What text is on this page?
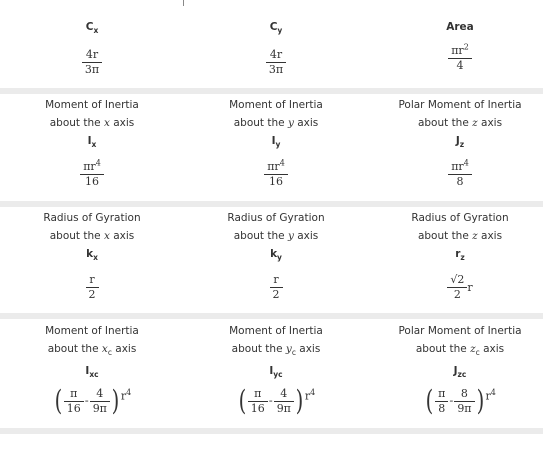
$C_x$
$\frac{4r}{3\pi}$
$C_y$
$\frac{4r}{3\pi}$
Area
$\frac{\pi r^2}{4}$
Moment of Inertia
about the x axis
$I_x$
$\frac{\pi r^4}{16}$
Moment of Inertia
about the y axis
$I_y$
$\frac{\pi r^4}{16}$
Polar Moment of Inertia
about the z axis
$J_z$
$\frac{\pi r^4}{8}$
Radius of Gyration
about the x axis
$k_x$
$\frac{r}{2}$
Radius of Gyration
about the y axis
$k_y$
$\frac{r}{2}$
Radius of Gyration
about the z axis
$r_z$
$\frac{√2}{2}$ r
Moment of Inertia
about the $x_c$ axis
$I_{xc}$
( $\frac{\pi}{16} - \frac{4}{9\pi}$ ) $r^4$
Moment of Inertia
about the $y_c$ axis
$I_{yc}$
( $\frac{\pi}{16} - \frac{4}{9\pi}$ ) $r^4$
Polar Moment of Inertia
about the $z_c$ axis
$J_{zc}$
( $\frac{\pi}{8} - \frac{8}{9\pi}$ ) $r^4$
